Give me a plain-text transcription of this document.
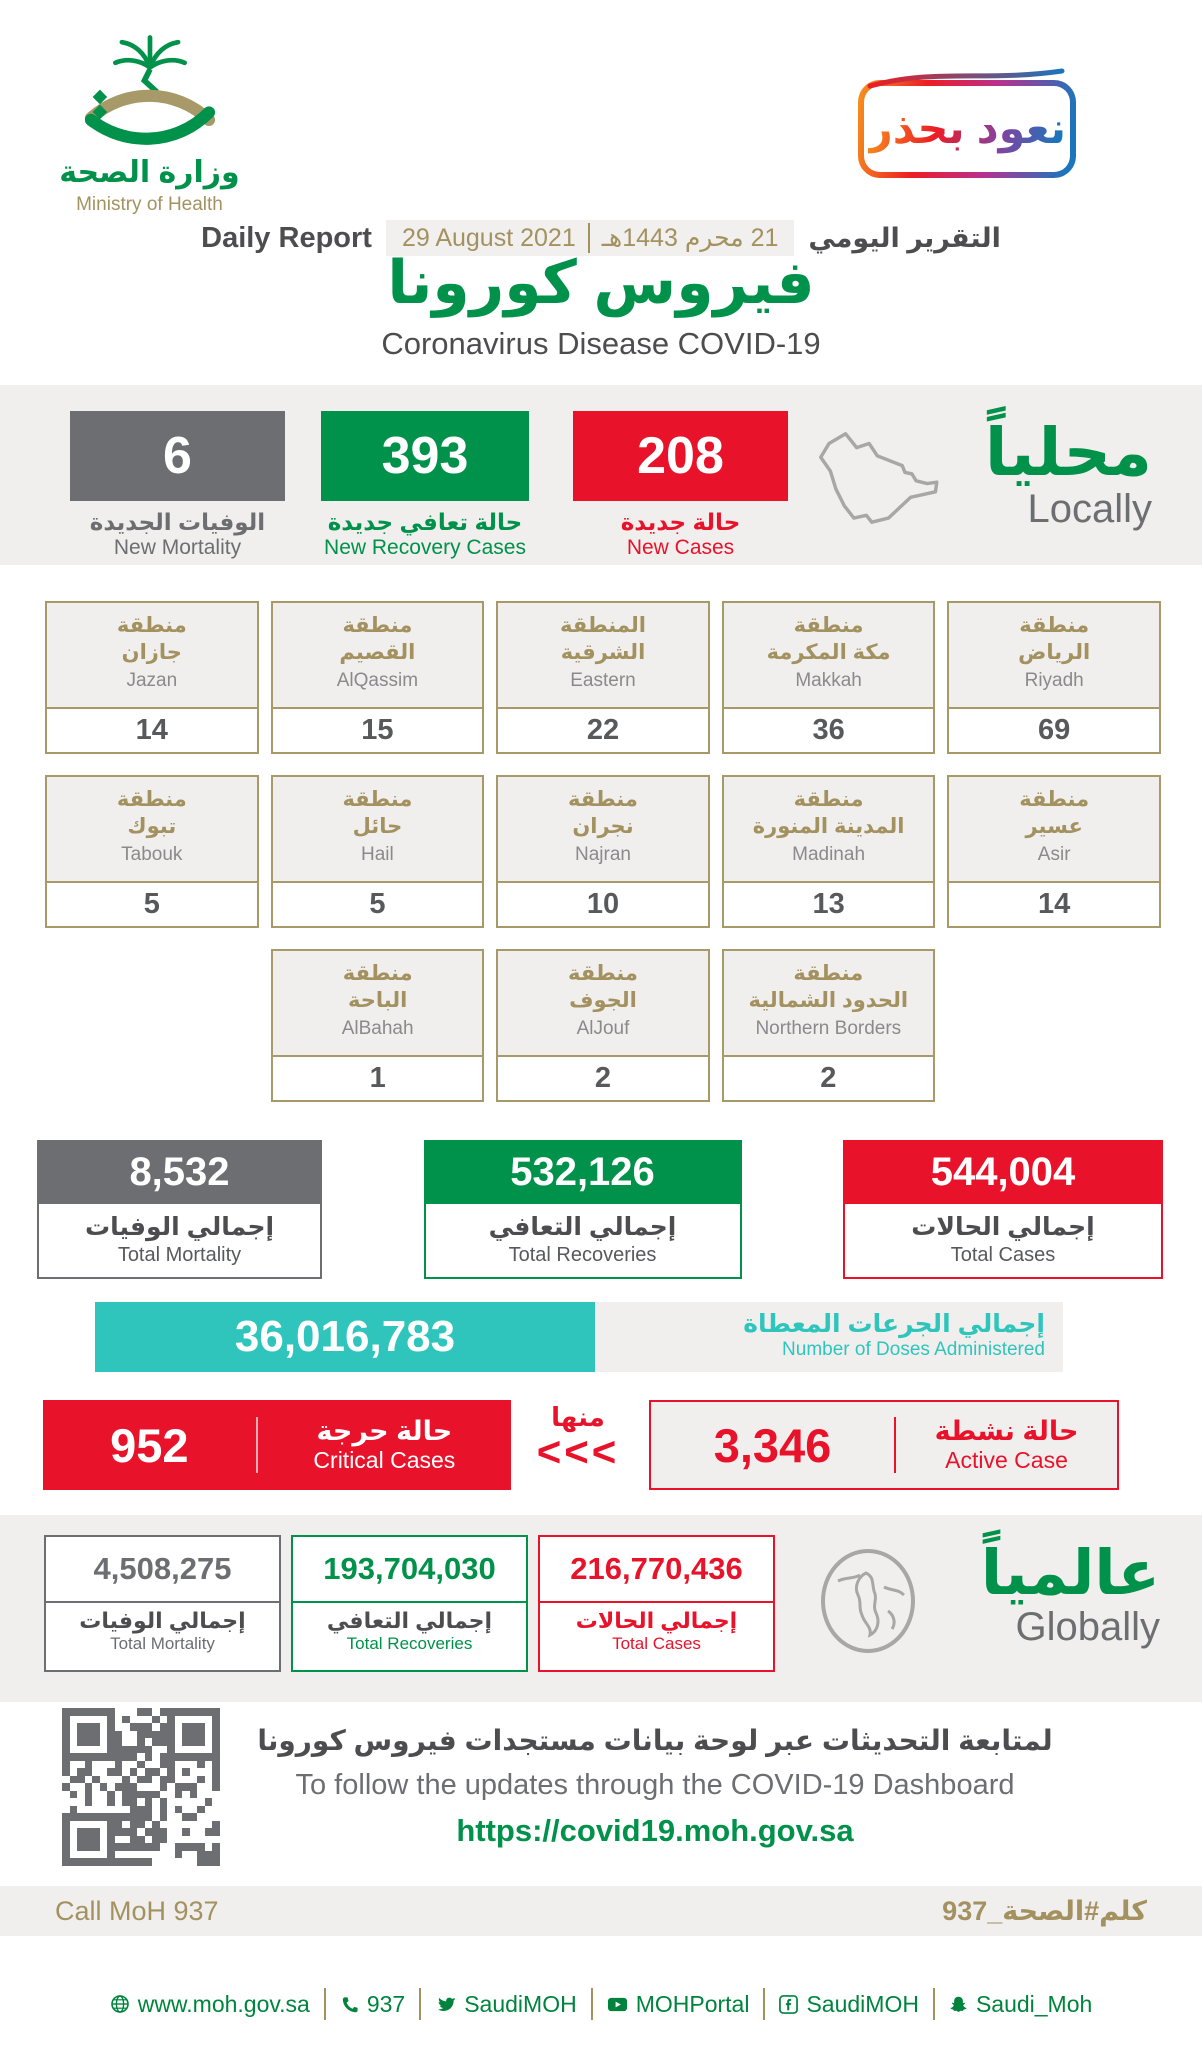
وزارة الصحة
Ministry of Health
نعود بحذر
Daily Report 29 August 2021	21 محرم 1443هـ التقرير اليومي
فيروس كورونا
Coronavirus Disease COVID-19
6
الوفيات الجديدة
New Mortality
393
حالة تعافي جديدة
New Recovery Cases
208
حالة جديدة
New Cases
محلياً
Locally
منطقة
جازان
Jazan
14
منطقة
القصيم
AlQassim
15
المنطقة
الشرقية
Eastern
22
منطقة
مكة المكرمة
Makkah
36
منطقة
الرياض
Riyadh
69
منطقة
تبوك
Tabouk
5
منطقة
حائل
Hail
5
منطقة
نجران
Najran
10
منطقة
المدينة المنورة
Madinah
13
منطقة
عسير
Asir
14
منطقة
الباحة
AlBahah
1
منطقة
الجوف
AlJouf
2
منطقة
الحدود الشمالية
Northern Borders
2
8,532
إجمالي الوفيات
Total Mortality
532,126
إجمالي التعافي
Total Recoveries
544,004
إجمالي الحالات
Total Cases
36,016,783	إجمالي الجرعات المعطاة
Number of Doses Administered
952	حالة حرجة
Critical Cases
منها
<<<	3,346	حالة نشطة
Active Case
4,508,275
إجمالي الوفيات
Total Mortality
193,704,030
إجمالي التعافي
Total Recoveries
216,770,436
إجمالي الحالات
Total Cases
عالمياً
Globally
لمتابعة التحديثات عبر لوحة بيانات مستجدات فيروس كورونا
To follow the updates through the COVID-19 Dashboard
https://covid19.moh.gov.sa
Call MoH 937	كلم#الصحة_937
www.moh.gov.sa 937	SaudiMOH	MOHPortal SaudiMOH Saudi_Moh
